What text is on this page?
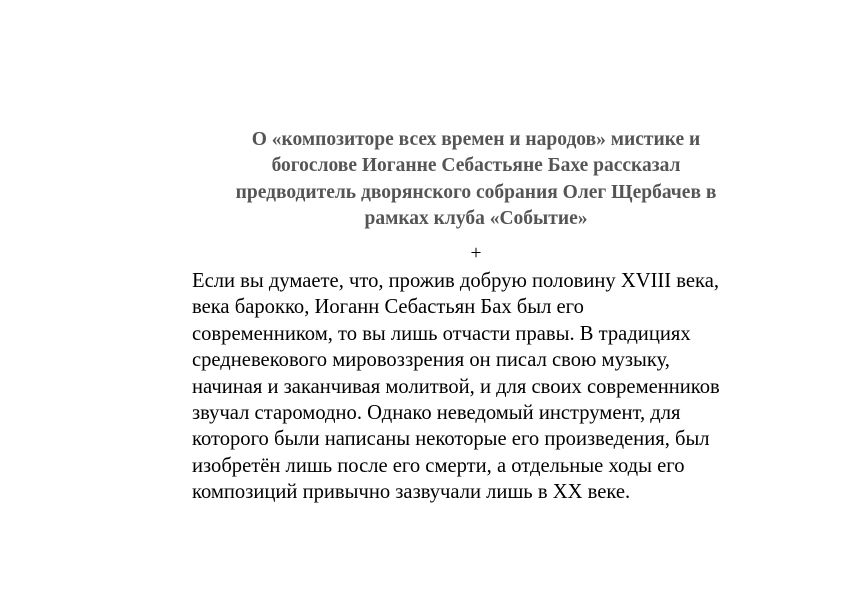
О «композиторе всех времен и народов» мистике и
богослове Иоганне Себастьяне Бахе рассказал
предводитель дворянского собрания Олег Щербачев в
рамках клуба «Событие»

+

Если вы думаете, что, прожив добрую половину XVIII века,
века барокко, Иоганн Себастьян Бах был его
современником, то вы лишь отчасти правы. В традициях
средневекового мировоззрения он писал свою музыку,
начиная и заканчивая молитвой, и для своих современников
звучал старомодно. Однако неведомый инструмент, для
которого были написаны некоторые его произведения, был
изобретён лишь после его смерти, а отдельные ходы его
композиций привычно зазвучали лишь в XX веке.
